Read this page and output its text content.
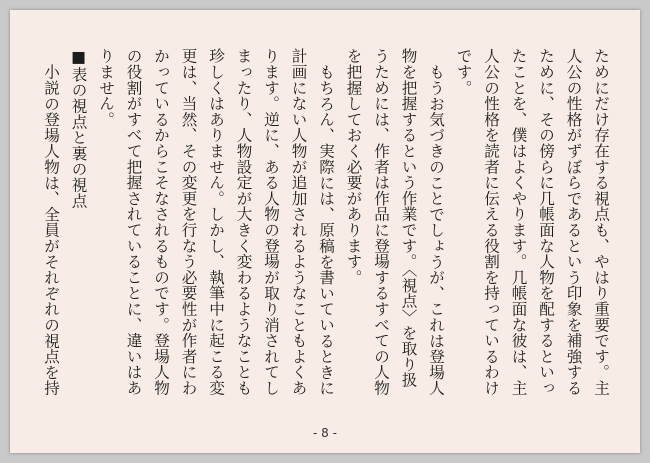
ためにだけ存在する視点も、やはり重要です。主人公の性格がずぼらであるという印象を補強するために、その傍らに几帳面な人物を配するといったことを、僕はよくやります。几帳面な彼は、主人公の性格を読者に伝える役割を持っているわけです。

もうお気づきのことでしょうが、これは登場人物を把握するという作業です。〈視点〉を取り扱うためには、作者は作品に登場するすべての人物を把握しておく必要があります。

もちろん、実際には、原稿を書いているときに計画にない人物が追加されるようなこともよくあります。逆に、ある人物の登場が取り消されてしまったり、人物設定が大きく変わるようなことも珍しくはありません。しかし、執筆中に起こる変更は、当然、その変更を行なう必要性が作者にわかっているからこそなされるものです。登場人物の役割がすべて把握されていることに、違いはありません。

■表の視点と裏の視点

小説の登場人物は、全員がそれぞれの視点を持

- 8 -
